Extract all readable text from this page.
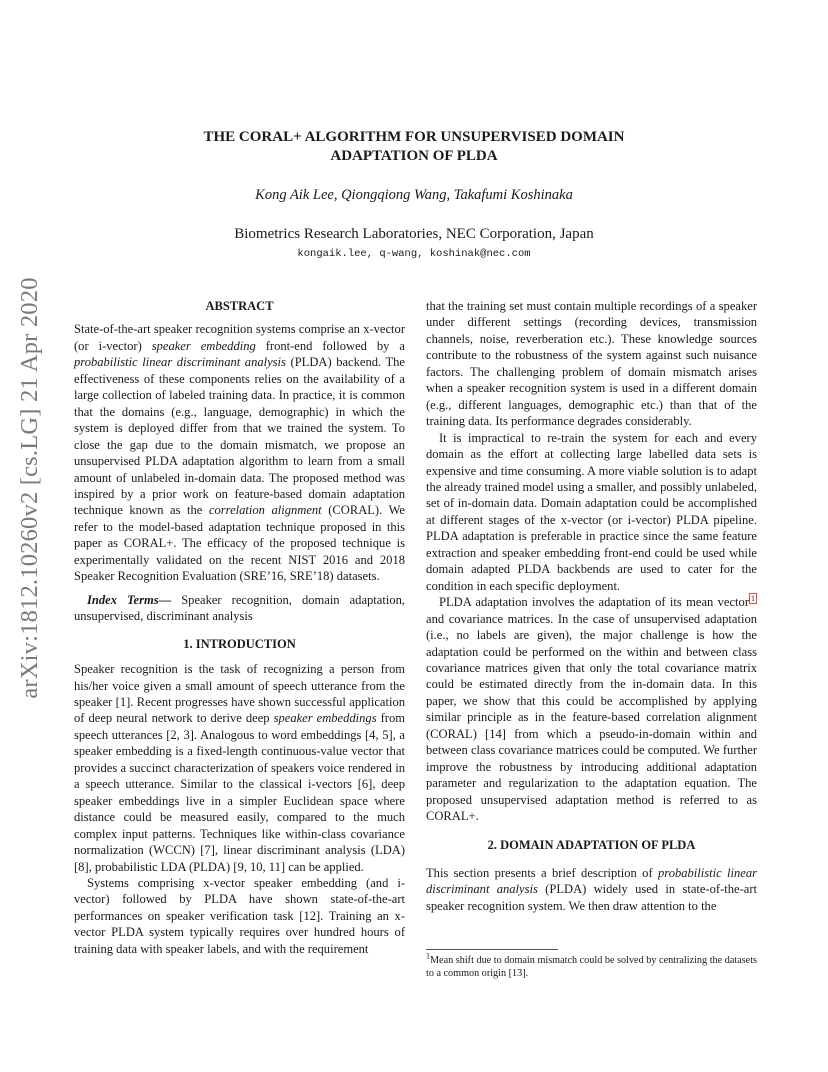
THE CORAL+ ALGORITHM FOR UNSUPERVISED DOMAIN
ADAPTATION OF PLDA
Kong Aik Lee, Qiongqiong Wang, Takafumi Koshinaka
Biometrics Research Laboratories, NEC Corporation, Japan
kongaik.lee, q-wang, koshinak@nec.com
arXiv:1812.10260v2 [cs.LG] 21 Apr 2020	ABSTRACT

State-of-the-art speaker recognition systems comprise an x-vector (or i-vector) speaker embedding front-end followed by a probabilistic linear discriminant analysis (PLDA) backend. The effectiveness of these components relies on the availability of a large collection of labeled training data. In practice, it is common that the domains (e.g., language, demographic) in which the system is deployed differ from that we trained the system. To close the gap due to the domain mismatch, we propose an unsupervised PLDA adaptation algorithm to learn from a small amount of unlabeled in-domain data. The proposed method was inspired by a prior work on feature-based domain adaptation technique known as the correlation alignment (CORAL). We refer to the model-based adaptation technique proposed in this paper as CORAL+. The efficacy of the proposed technique is experimentally validated on the recent NIST 2016 and 2018 Speaker Recognition Evaluation (SRE’16, SRE’18) datasets.

Index Terms— Speaker recognition, domain adaptation, unsupervised, discriminant analysis

1. INTRODUCTION

Speaker recognition is the task of recognizing a person from his/her voice given a small amount of speech utterance from the speaker [1]. Recent progresses have shown successful application of deep neural network to derive deep speaker embeddings from speech utterances [2, 3]. Analogous to word embeddings [4, 5], a speaker embedding is a fixed-length continuous-value vector that provides a succinct characterization of speakers voice rendered in a speech utterance. Similar to the classical i-vectors [6], deep speaker embeddings live in a simpler Euclidean space where distance could be measured easily, compared to the much complex input patterns. Techniques like within-class covariance normalization (WCCN) [7], linear discriminant analysis (LDA) [8], probabilistic LDA (PLDA) [9, 10, 11] can be applied.

Systems comprising x-vector speaker embedding (and i-vector) followed by PLDA have shown state-of-the-art performances on speaker verification task [12]. Training an x-vector PLDA system typically requires over hundred hours of training data with speaker labels, and with the requirement

that the training set must contain multiple recordings of a speaker under different settings (recording devices, transmission channels, noise, reverberation etc.). These knowledge sources contribute to the robustness of the system against such nuisance factors. The challenging problem of domain mismatch arises when a speaker recognition system is used in a different domain (e.g., different languages, demographic etc.) than that of the training data. Its performance degrades considerably.

It is impractical to re-train the system for each and every domain as the effort at collecting large labelled data sets is expensive and time consuming. A more viable solution is to adapt the already trained model using a smaller, and possibly unlabeled, set of in-domain data. Domain adaptation could be accomplished at different stages of the x-vector (or i-vector) PLDA pipeline. PLDA adaptation is preferable in practice since the same feature extraction and speaker embedding front-end could be used while domain adapted PLDA backbends are used to cater for the condition in each specific deployment.

PLDA adaptation involves the adaptation of its mean vector $^1$ and covariance matrices. In the case of unsupervised adaptation (i.e., no labels are given), the major challenge is how the adaptation could be performed on the within and between class covariance matrices given that only the total covariance matrix could be estimated directly from the in-domain data. In this paper, we show that this could be accomplished by applying similar principle as in the feature-based correlation alignment (CORAL) [14] from which a pseudo-in-domain within and between class covariance matrices could be computed. We further improve the robustness by introducing additional adaptation parameter and regularization to the adaptation equation. The proposed unsupervised adaptation method is referred to as CORAL+.

2. DOMAIN ADAPTATION OF PLDA

This section presents a brief description of probabilistic linear discriminant analysis (PLDA) widely used in state-of-the-art speaker recognition system. We then draw attention to the

$^1$Mean shift due to domain mismatch could be solved by centralizing the datasets to a common origin [13].
